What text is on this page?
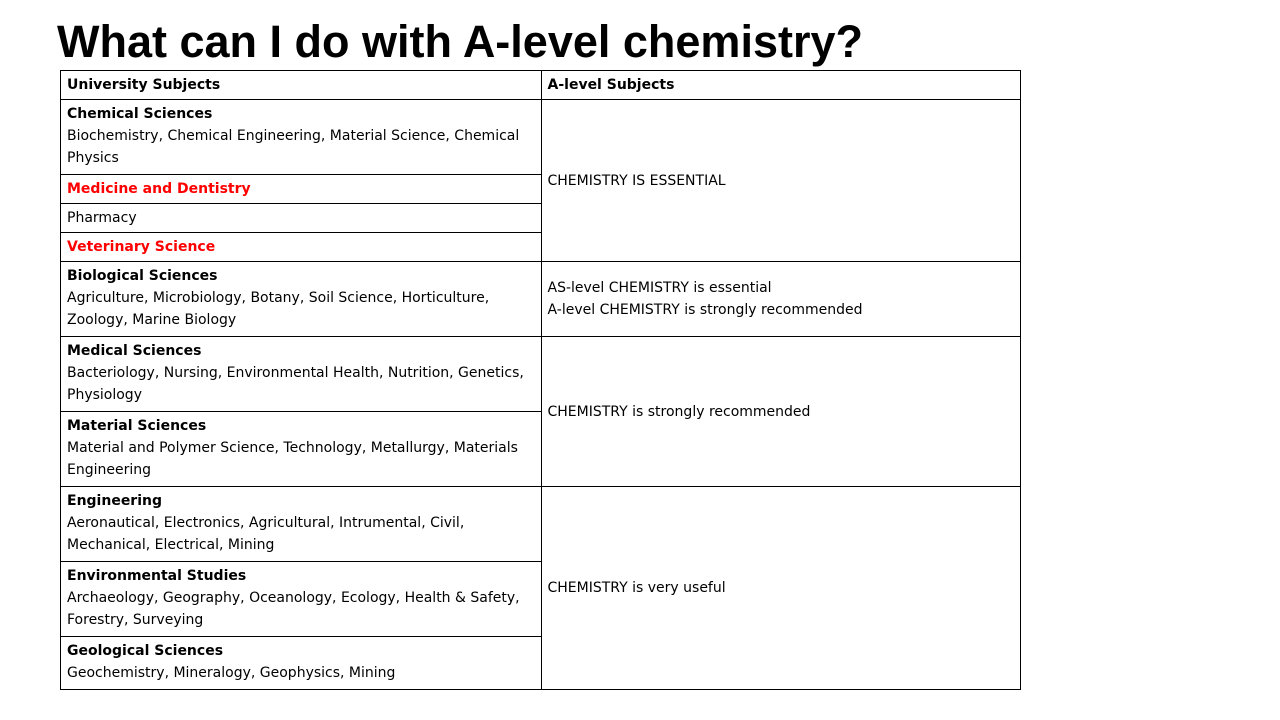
What can I do with A-level chemistry?
University Subjects	A-level Subjects

Chemical Sciences
Biochemistry, Chemical Engineering, Material Science, Chemical Physics	CHEMISTRY IS ESSENTIAL
Medicine and Dentistry	
Pharmacy	
Veterinary Science	

Biological Sciences
Agriculture, Microbiology, Botany, Soil Science, Horticulture, Zoology, Marine Biology	AS-level CHEMISTRY is essential
A-level CHEMISTRY is strongly recommended

Medical Sciences
Bacteriology, Nursing, Environmental Health, Nutrition, Genetics, Physiology	CHEMISTRY is strongly recommended

Material Sciences
Material and Polymer Science, Technology, Metallurgy, Materials Engineering	

Engineering
Aeronautical, Electronics, Agricultural, Intrumental, Civil, Mechanical, Electrical, Mining	CHEMISTRY is very useful

Environmental Studies
Archaeology, Geography, Oceanology, Ecology, Health & Safety, Forestry, Surveying	

Geological Sciences
Geochemistry, Mineralogy, Geophysics, Mining	
